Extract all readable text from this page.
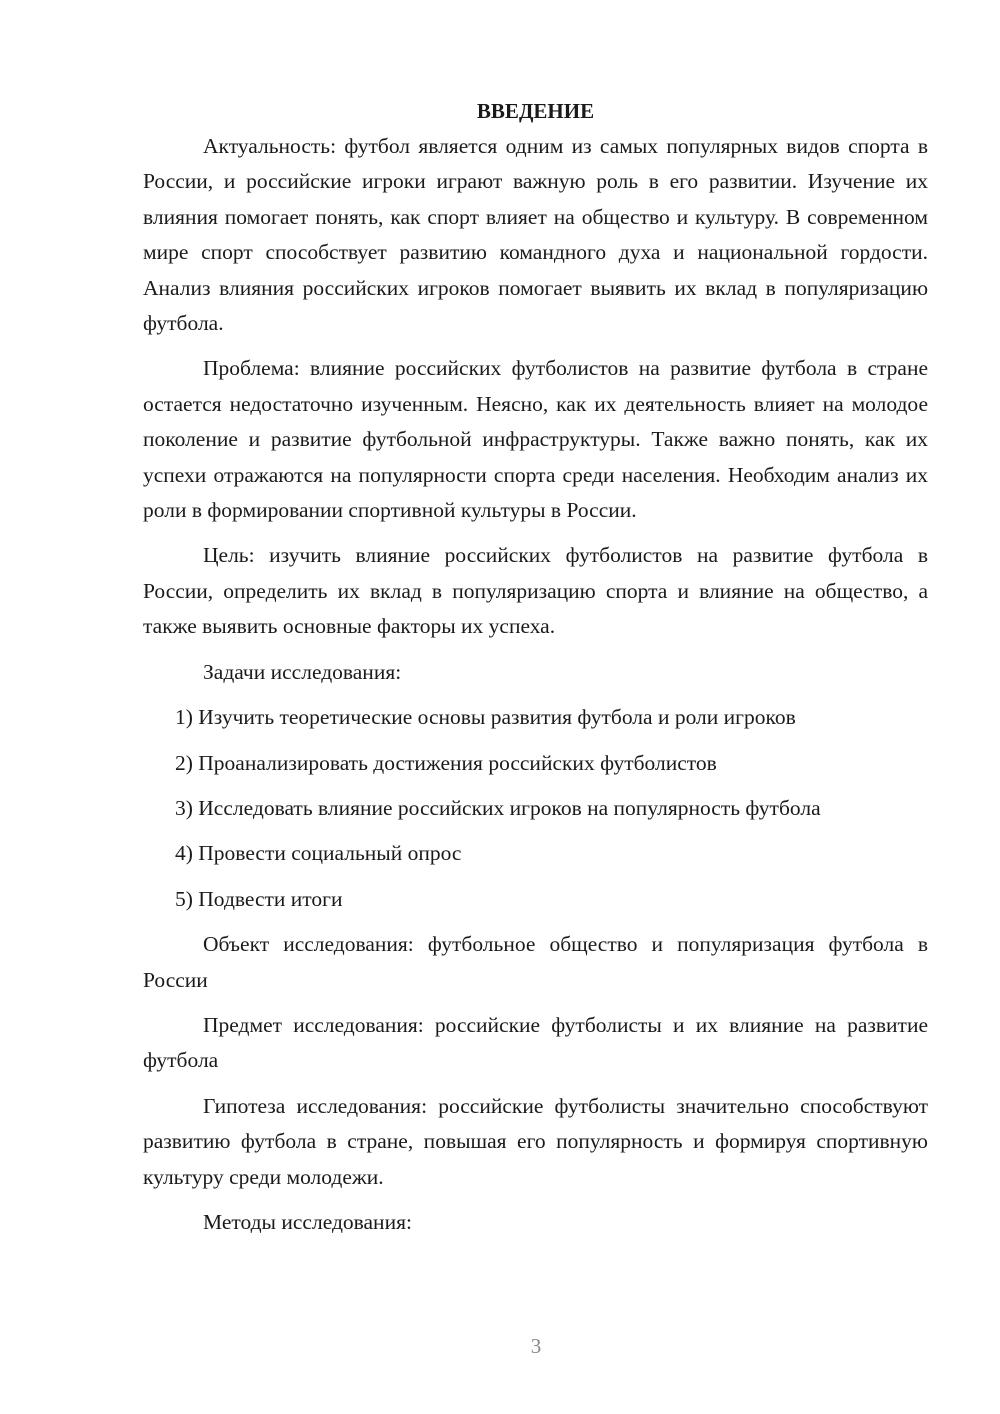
ВВЕДЕНИЕ

Актуальность: футбол является одним из самых популярных видов спорта в России, и российские игроки играют важную роль в его развитии. Изучение их влияния помогает понять, как спорт влияет на общество и культуру. В современном мире спорт способствует развитию командного духа и национальной гордости. Анализ влияния российских игроков помогает выявить их вклад в популяризацию футбола.

Проблема: влияние российских футболистов на развитие футбола в стране остается недостаточно изученным. Неясно, как их деятельность влияет на молодое поколение и развитие футбольной инфраструктуры. Также важно понять, как их успехи отражаются на популярности спорта среди населения. Необходим анализ их роли в формировании спортивной культуры в России.

Цель: изучить влияние российских футболистов на развитие футбола в России, определить их вклад в популяризацию спорта и влияние на общество, а также выявить основные факторы их успеха.

Задачи исследования:

1) Изучить теоретические основы развития футбола и роли игроков
2) Проанализировать достижения российских футболистов
3) Исследовать влияние российских игроков на популярность футбола
4) Провести социальный опрос
5) Подвести итоги

Объект исследования: футбольное общество и популяризация футбола в России

Предмет исследования: российские футболисты и их влияние на развитие футбола

Гипотеза исследования: российские футболисты значительно способствуют развитию футбола в стране, повышая его популярность и формируя спортивную культуру среди молодежи.

Методы исследования:

3
